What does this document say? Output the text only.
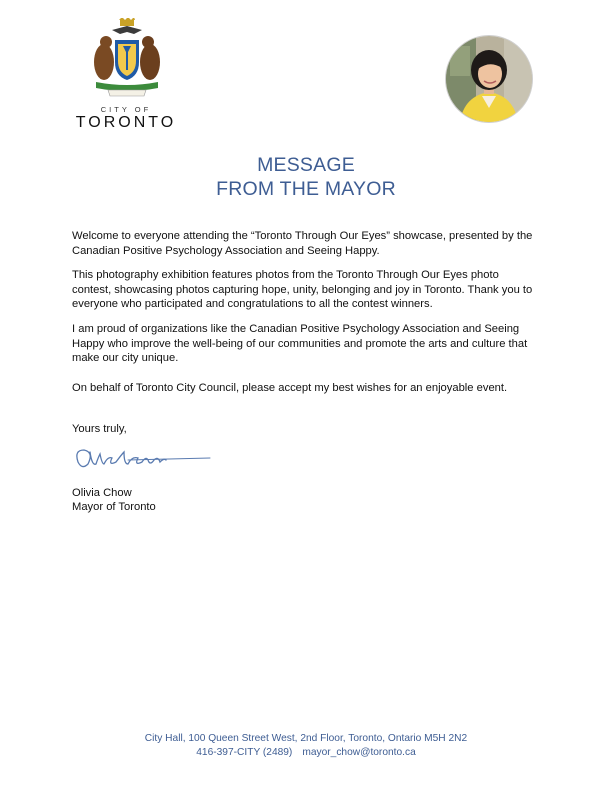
CITY OF
TORONTO
MESSAGE
FROM THE MAYOR

Welcome to everyone attending the “Toronto Through Our Eyes” showcase, presented by the Canadian Positive Psychology Association and Seeing Happy.

This photography exhibition features photos from the Toronto Through Our Eyes photo contest, showcasing photos capturing hope, unity, belonging and joy in Toronto. Thank you to everyone who participated and congratulations to all the contest winners.

I am proud of organizations like the Canadian Positive Psychology Association and Seeing Happy who improve the well-being of our communities and promote the arts and culture that make our city unique.

On behalf of Toronto City Council, please accept my best wishes for an enjoyable event.

Yours truly,

Olivia Chow
Mayor of Toronto
City Hall, 100 Queen Street West, 2nd Floor, Toronto, Ontario M5H 2N2
416-397-CITY (2489) mayor_chow@toronto.ca
